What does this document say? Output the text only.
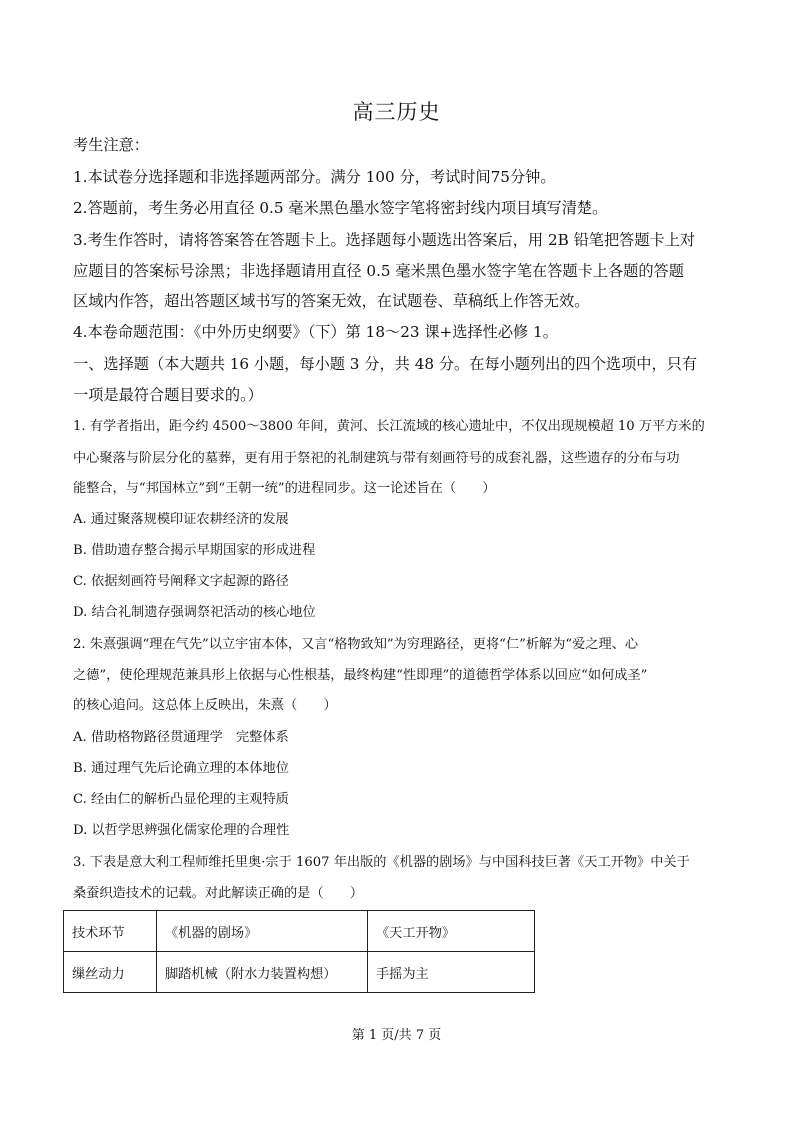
高三历史
考生注意：
1.本试卷分选择题和非选择题两部分。满分 100 分，考试时间75分钟。
2.答题前，考生务必用直径 0.5 毫米黑色墨水签字笔将密封线内项目填写清楚。
3.考生作答时，请将答案答在答题卡上。选择题每小题选出答案后，用 2B 铅笔把答题卡上对
应题目的答案标号涂黑；非选择题请用直径 0.5 毫米黑色墨水签字笔在答题卡上各题的答题
区域内作答，超出答题区域书写的答案无效，在试题卷、草稿纸上作答无效。
4.本卷命题范围：《中外历史纲要》（下）第 18～23 课+选择性必修 1。
一、选择题（本大题共 16 小题，每小题 3 分，共 48 分。在每小题列出的四个选项中，只有
一项是最符合题目要求的。）
1. 有学者指出，距今约 4500～3800 年间，黄河、长江流域的核心遗址中，不仅出现规模超 10 万平方米的
中心聚落与阶层分化的墓葬，更有用于祭祀的礼制建筑与带有刻画符号的成套礼器，这些遗存的分布与功
能整合，与“邦国林立”到“王朝一统”的进程同步。这一论述旨在（　　）
A. 通过聚落规模印证农耕经济的发展
B. 借助遗存整合揭示早期国家的形成进程
C. 依据刻画符号阐释文字起源的路径
D. 结合礼制遗存强调祭祀活动的核心地位
2. 朱熹强调“理在气先”以立宇宙本体，又言“格物致知”为穷理路径，更将“仁”析解为“爱之理、心
之德”，使伦理规范兼具形上依据与心性根基，最终构建“性即理”的道德哲学体系以回应“如何成圣”
的核心追问。这总体上反映出，朱熹（　　）
A. 借助格物路径贯通理学　完整体系
B. 通过理气先后论确立理的本体地位
C. 经由仁的解析凸显伦理的主观特质
D. 以哲学思辨强化儒家伦理的合理性
3. 下表是意大利工程师维托里奥·宗于 1607 年出版的《机器的剧场》与中国科技巨著《天工开物》中关于
桑蚕织造技术的记载。对此解读正确的是（　　）
技术环节	《机器的剧场》	《天工开物》
缫丝动力	脚踏机械（附水力装置构想）	手摇为主
第 1 页/共 7 页
